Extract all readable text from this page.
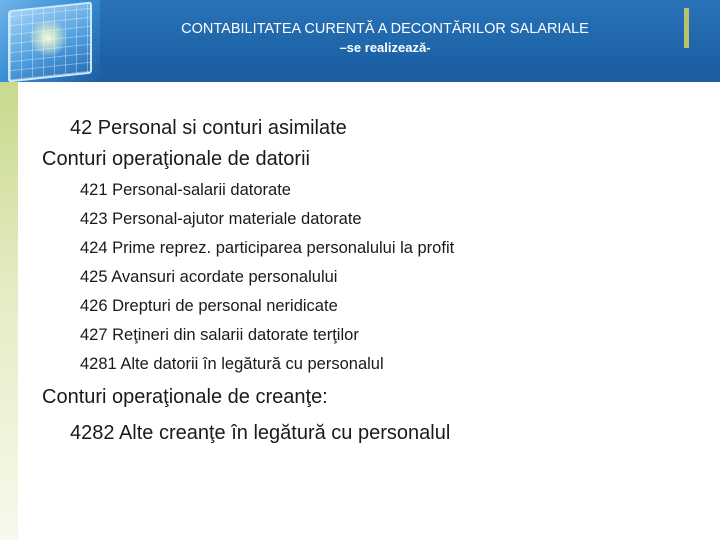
CONTABILITATEA CURENTĂ A DECONTĂRILOR SALARIALE
–se realizează-
42 Personal si conturi asimilate
Conturi operaţionale de datorii
421 Personal-salarii datorate
423 Personal-ajutor materiale datorate
424 Prime reprez. participarea personalului la profit
425 Avansuri acordate personalului
426 Drepturi de personal neridicate
427 Reţineri din salarii datorate terţilor
4281 Alte datorii în legătură cu personalul
Conturi operaţionale de creanţe:
4282 Alte creanţe în legătură cu personalul
